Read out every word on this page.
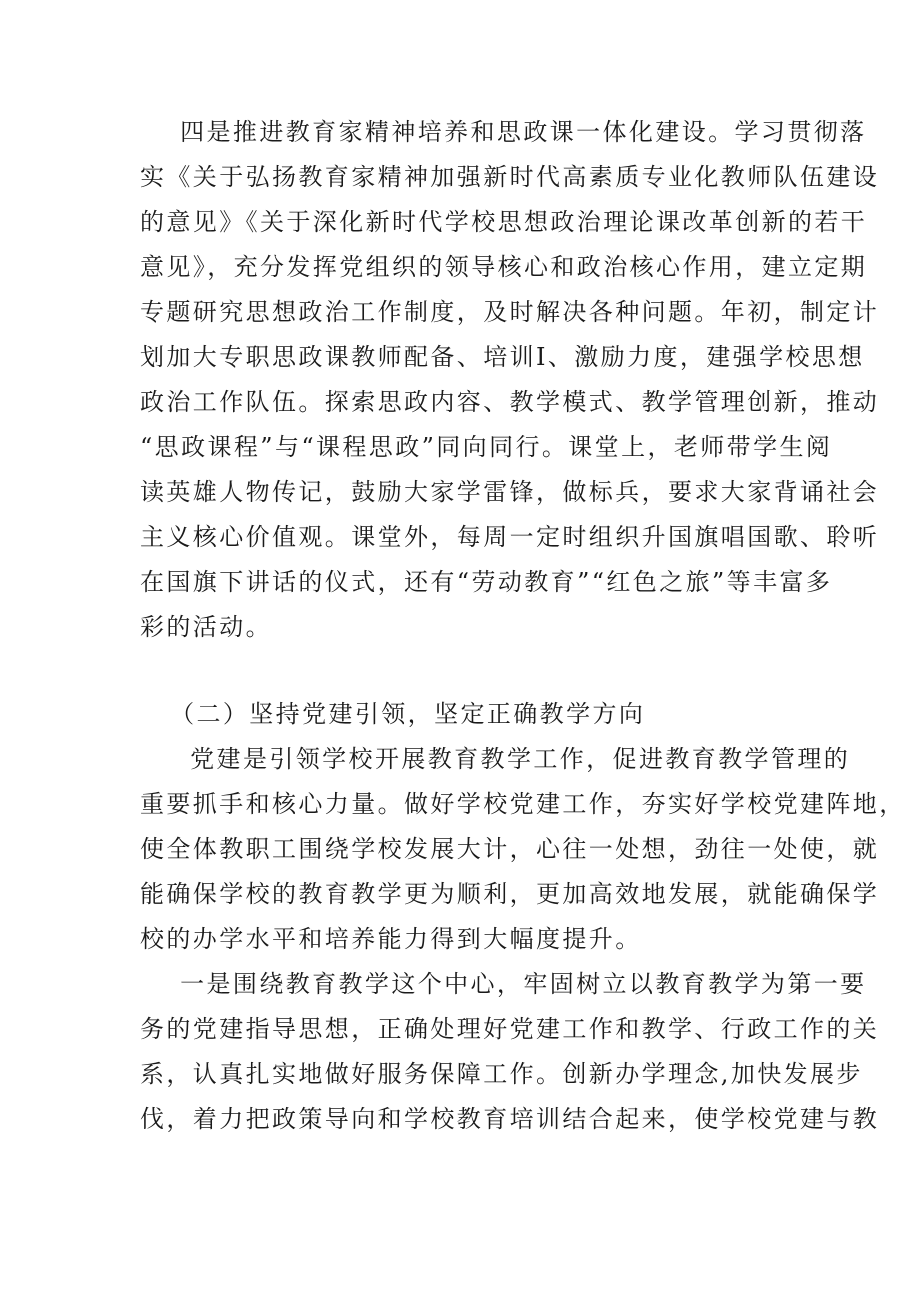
四是推进教育家精神培养和思政课一体化建设。学习贯彻落
实《关于弘扬教育家精神加强新时代高素质专业化教师队伍建设
的意见》《关于深化新时代学校思想政治理论课改革创新的若干
意见》，充分发挥党组织的领导核心和政治核心作用，建立定期
专题研究思想政治工作制度，及时解决各种问题。年初，制定计
划加大专职思政课教师配备、培训I、激励力度，建强学校思想
政治工作队伍。探索思政内容、教学模式、教学管理创新，推动
“思政课程”与“课程思政”同向同行。课堂上，老师带学生阅
读英雄人物传记，鼓励大家学雷锋，做标兵，要求大家背诵社会
主义核心价值观。课堂外，每周一定时组织升国旗唱国歌、聆听
在国旗下讲话的仪式，还有“劳动教育”“红色之旅”等丰富多
彩的活动。
（二）坚持党建引领，坚定正确教学方向
党建是引领学校开展教育教学工作，促进教育教学管理的
重要抓手和核心力量。做好学校党建工作，夯实好学校党建阵地，
使全体教职工围绕学校发展大计，心往一处想，劲往一处使，就
能确保学校的教育教学更为顺利，更加高效地发展，就能确保学
校的办学水平和培养能力得到大幅度提升。
一是围绕教育教学这个中心，牢固树立以教育教学为第一要
务的党建指导思想，正确处理好党建工作和教学、行政工作的关
系，认真扎实地做好服务保障工作。创新办学理念,加快发展步
伐，着力把政策导向和学校教育培训结合起来，使学校党建与教
